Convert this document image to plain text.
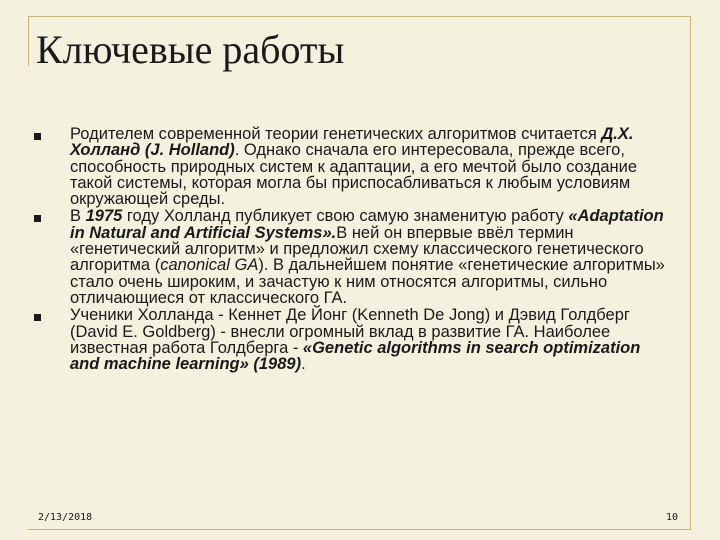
Ключевые работы
Родителем современной теории генетических алгоритмов считается Д.Х. Холланд (J. Holland). Однако сначала его интересовала, прежде всего, способность природных систем к адаптации, а его мечтой было создание такой системы, которая могла бы приспосабливаться к любым условиям окружающей среды.
В 1975 году Холланд публикует свою самую знаменитую работу «Adaptation in Natural and Artificial Systems».В ней он впервые ввёл термин «генетический алгоритм» и предложил схему классического генетического алгоритма (canonical GA). В дальнейшем понятие «генетические алгоритмы» стало очень широким, и зачастую к ним относятся алгоритмы, сильно отличающиеся от классического ГА.
Ученики Холланда - Кеннет Де Йонг (Kenneth De Jong) и Дэвид Голдберг (David E. Goldberg) - внесли огромный вклад в развитие ГА. Наиболее известная работа Голдберга - «Genetic algorithms in search optimization and machine learning» (1989).
2/13/2018	10
